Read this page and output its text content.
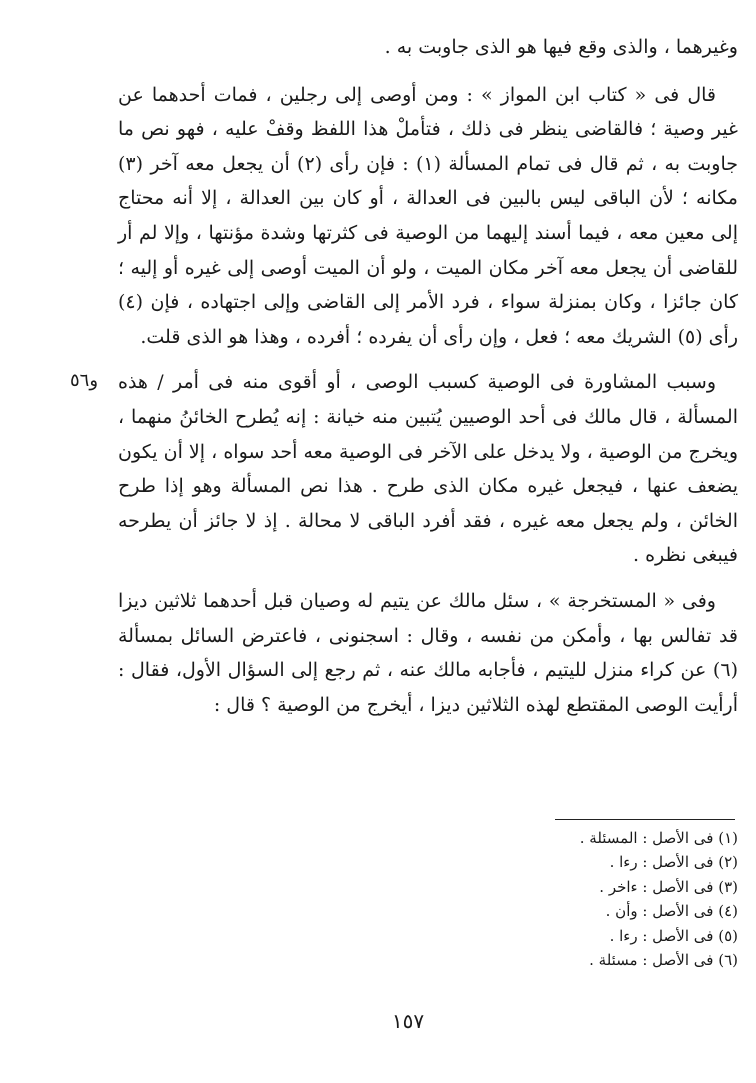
وغيرهما ، والذى وقع فيها هو الذى جاوبت به .

قال فى « كتاب ابن المواز » : ومن أوصى إلى رجلين ، فمات أحدهما عن غير وصية ؛ فالقاضى ينظر فى ذلك ، فتأملْ هذا اللفظ وقفْ عليه ، فهو نص ما جاوبت به ، ثم قال فى تمام المسألة (١) : فإن رأى (٢) أن يجعل معه آخر (٣) مكانه ؛ لأن الباقى ليس بالبين فى العدالة ، أو كان بين العدالة ، إلا أنه محتاج إلى معين معه ، فيما أسند إليهما من الوصية فى كثرتها وشدة مؤنتها ، وإلا لم أر للقاضى أن يجعل معه آخر مكان الميت ، ولو أن الميت أوصى إلى غيره أو إليه ؛ كان جائزا ، وكان بمنزلة سواء ، فرد الأمر إلى القاضى وإلى اجتهاده ، فإن (٤) رأى (٥) الشريك معه ؛ فعل ، وإن رأى أن يفرده ؛ أفرده ، وهذا هو الذى قلت.

وسبب المشاورة فى الوصية كسبب الوصى ، أو أقوى منه فى أمر / هذه المسألة ، قال مالك فى أحد الوصيين يُتبين منه خيانة : إنه يُطرح الخائنُ منهما ، ويخرج من الوصية ، ولا يدخل على الآخر فى الوصية معه أحد سواه ، إلا أن يكون يضعف عنها ، فيجعل غيره مكان الذى طرح . هذا نص المسألة وهو إذا طرح الخائن ، ولم يجعل معه غيره ، فقد أفرد الباقى لا محالة . إذ لا جائز أن يطرحه فيبغى نظره .

وفى « المستخرجة » ، سئل مالك عن يتيم له وصيان قبل أحدهما ثلاثين ديزا قد تفالس بها ، وأمكن من نفسه ، وقال : اسجنونى ، فاعترض السائل بمسألة (٦) عن كراء منزل لليتيم ، فأجابه مالك عنه ، ثم رجع إلى السؤال الأول، فقال : أرأيت الوصى المقتطع لهذه الثلاثين ديزا ، أيخرج من الوصية ؟ قال :

و٥٦

(١) فى الأصل : المسئلة .

(٢) فى الأصل : رءا .

(٣) فى الأصل : ءاخر .

(٤) فى الأصل : وأن .

(٥) فى الأصل : رءا .

(٦) فى الأصل : مسئلة .

١٥٧
